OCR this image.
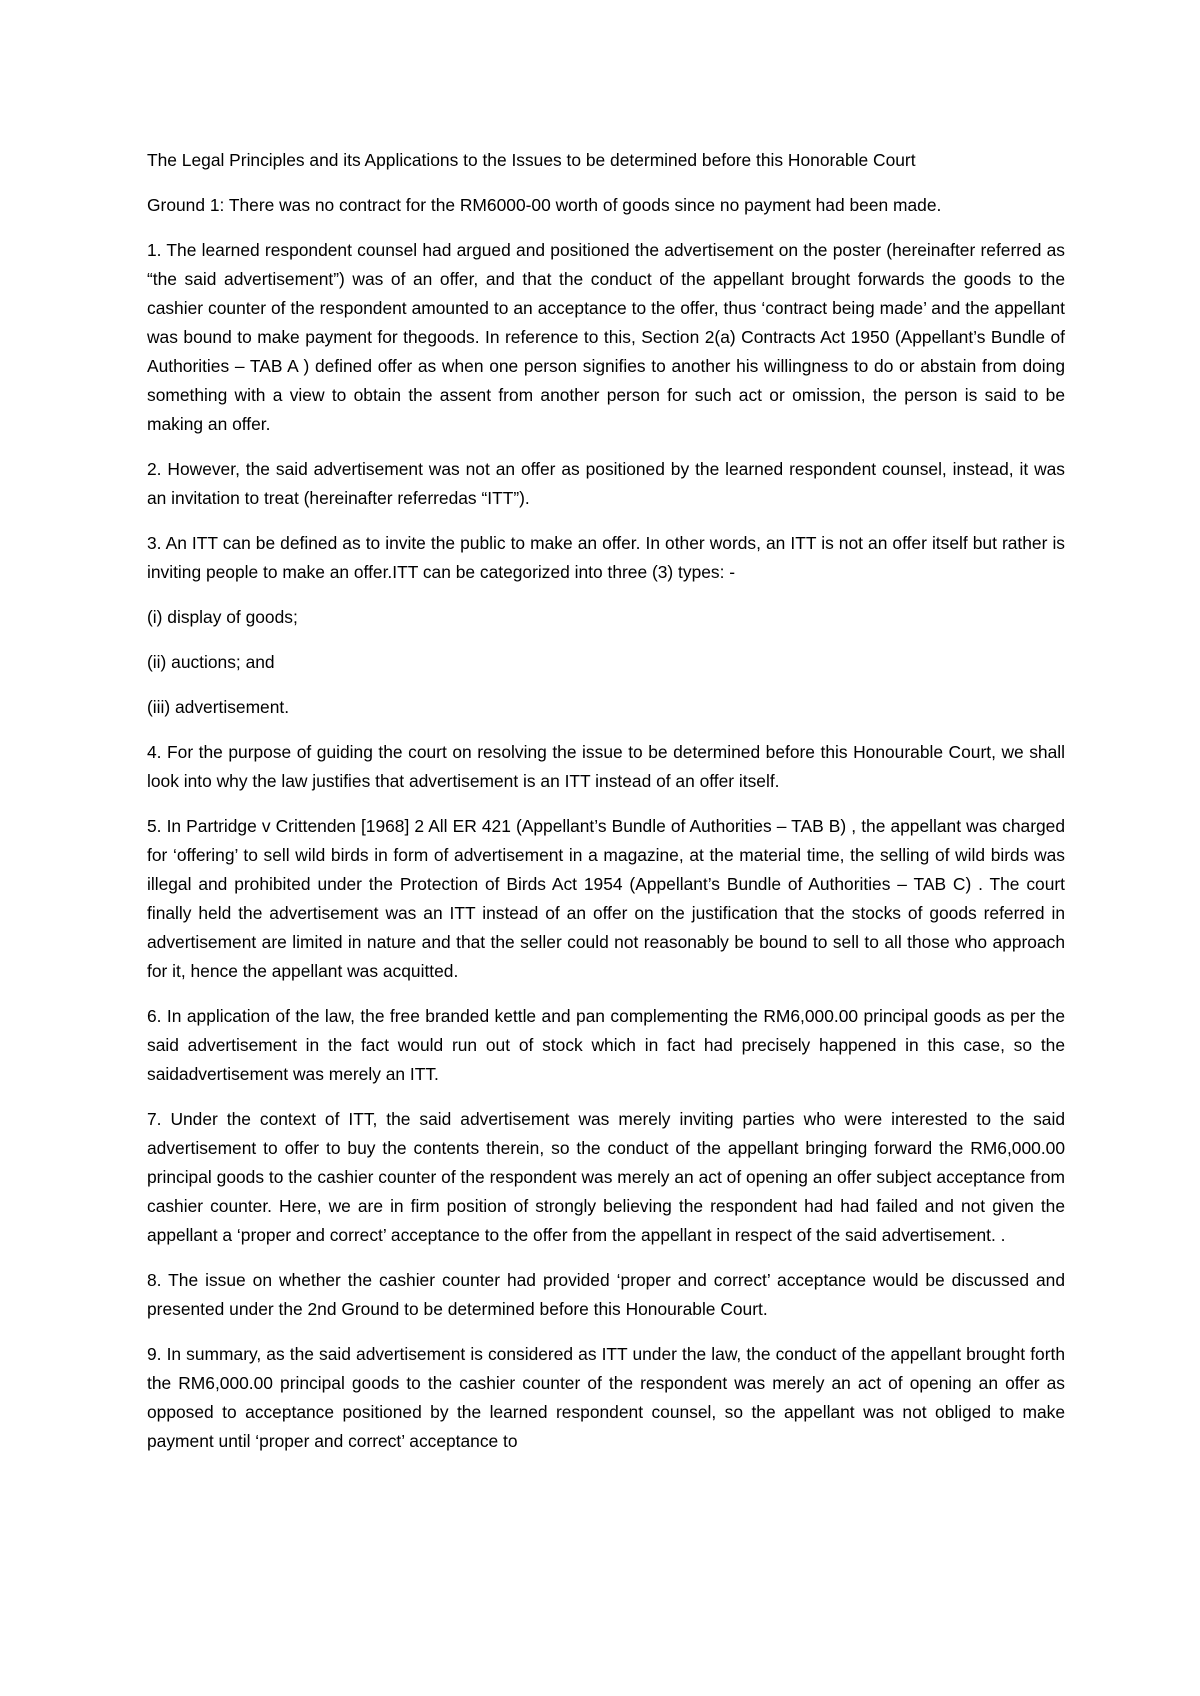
The Legal Principles and its Applications to the Issues to be determined before this Honorable Court
Ground 1: There was no contract for the RM6000-00 worth of goods since no payment had been made.
1. The learned respondent counsel had argued and positioned the advertisement on the poster (hereinafter referred as “the said advertisement”) was of an offer, and that the conduct of the appellant brought forwards the goods to the cashier counter of the respondent amounted to an acceptance to the offer, thus ‘contract being made’ and the appellant was bound to make payment for thegoods. In reference to this, Section 2(a) Contracts Act 1950 (Appellant’s Bundle of Authorities – TAB A ) defined offer as when one person signifies to another his willingness to do or abstain from doing something with a view to obtain the assent from another person for such act or omission, the person is said to be making an offer.
2. However, the said advertisement was not an offer as positioned by the learned respondent counsel, instead, it was an invitation to treat (hereinafter referredas “ITT”).
3. An ITT can be defined as to invite the public to make an offer. In other words, an ITT is not an offer itself but rather is inviting people to make an offer.ITT can be categorized into three (3) types: -
(i) display of goods;
(ii) auctions; and
(iii) advertisement.
4. For the purpose of guiding the court on resolving the issue to be determined before this Honourable Court, we shall look into why the law justifies that advertisement is an ITT instead of an offer itself.
5. In Partridge v Crittenden [1968] 2 All ER 421 (Appellant’s Bundle of Authorities – TAB B) , the appellant was charged for ‘offering’ to sell wild birds in form of advertisement in a magazine, at the material time, the selling of wild birds was illegal and prohibited under the Protection of Birds Act 1954 (Appellant’s Bundle of Authorities – TAB C) . The court finally held the advertisement was an ITT instead of an offer on the justification that the stocks of goods referred in advertisement are limited in nature and that the seller could not reasonably be bound to sell to all those who approach for it, hence the appellant was acquitted.
6. In application of the law, the free branded kettle and pan complementing the RM6,000.00 principal goods as per the said advertisement in the fact would run out of stock which in fact had precisely happened in this case, so the saidadvertisement was merely an ITT.
7. Under the context of ITT, the said advertisement was merely inviting parties who were interested to the said advertisement to offer to buy the contents therein, so the conduct of the appellant bringing forward the RM6,000.00 principal goods to the cashier counter of the respondent was merely an act of opening an offer subject acceptance from cashier counter. Here, we are in firm position of strongly believing the respondent had had failed and not given the appellant a ‘proper and correct’ acceptance to the offer from the appellant in respect of the said advertisement. .
8. The issue on whether the cashier counter had provided ‘proper and correct’ acceptance would be discussed and presented under the 2nd Ground to be determined before this Honourable Court.
9. In summary, as the said advertisement is considered as ITT under the law, the conduct of the appellant brought forth the RM6,000.00 principal goods to the cashier counter of the respondent was merely an act of opening an offer as opposed to acceptance positioned by the learned respondent counsel, so the appellant was not obliged to make payment until ‘proper and correct’ acceptance to
